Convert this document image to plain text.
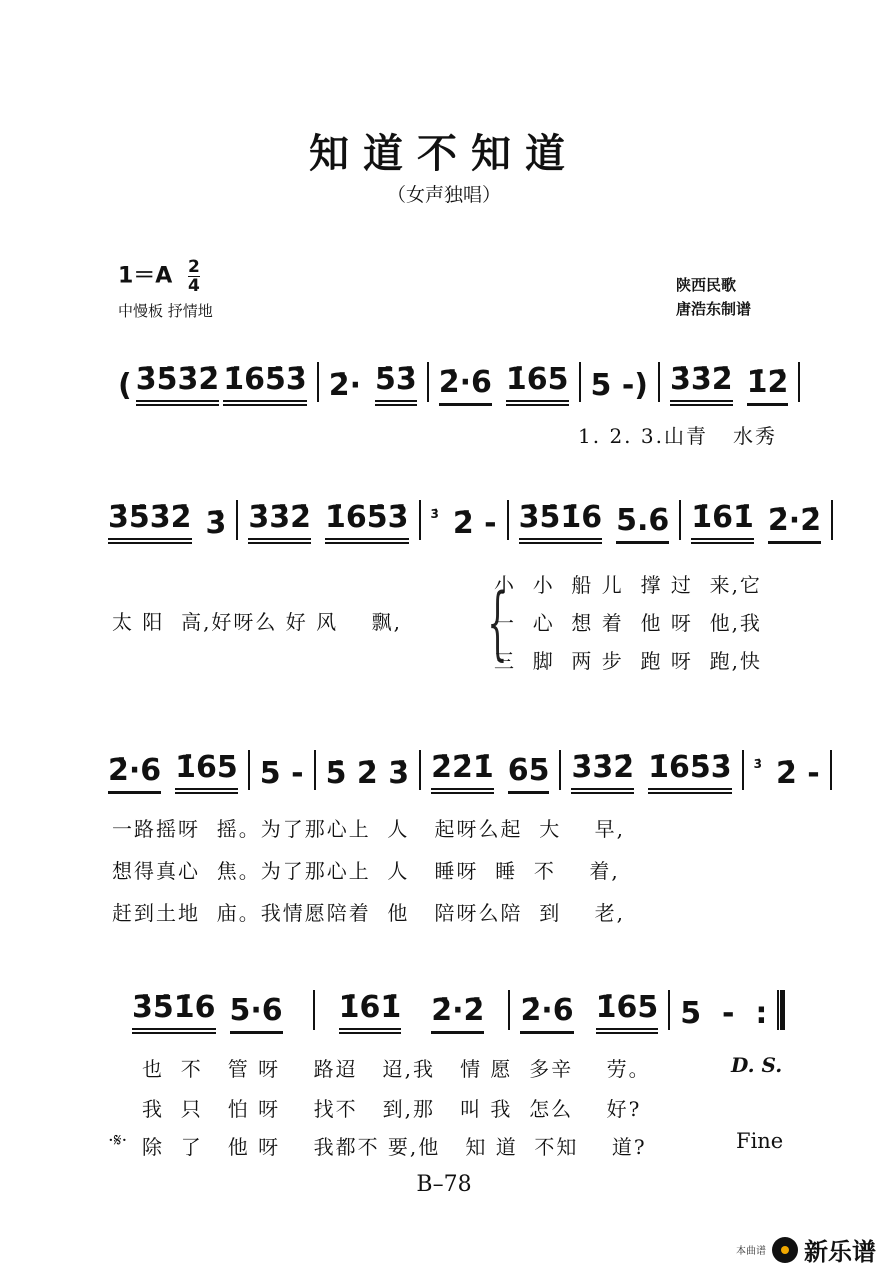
知道不知道
（女声独唱）
$1=A \frac{2}{4}$
中慢板 抒情地
陕西民歌
唐浩东制谱
( 3̇5̇3̇2̇ 1̇65̇3̇ 2̇· 5̇3̇ 2̇·6 1̇65 5 -) 3̇3̇2̇ 1̇2̇
1. 2. 3.山青   水秀
3̇5̇3̇2̇ 3̇ 3̇3̇2̇ 1̇65̇3̇ 3̇ 2̇ - 3̇5̇1̇6 5.6 1̇61̇ 2̇·2̇
太 阳  高,好呀么 好 风    飘, {
小  小  船 儿  撑 过  来,它
一  心  想 着  他 呀  他,我
三  脚  两 步  跑 呀  跑,快
2̇·6 1̇65 5 - 5̇ 2̇ 3̇ 2̇2̇1̇ 65 3̇3̇2̇ 1̇65̇3̇ 3̇ 2̇ -
一路摇呀  摇。为了那心上  人   起呀么起  大    早,
想得真心  焦。为了那心上  人   睡呀  睡  不    着,
赶到土地  庙。我情愿陪着  他   陪呀么陪  到    老,
3̇5̇1̇6 5·6 1̇61̇ 2̇·2̇ 2̇·6 1̇65 5  -  :
也  不   管 呀    路迢   迢,我   情 愿  多辛    劳。	D. S.
我  只   怕 呀    找不   到,那   叫 我  怎么    好?
·𝄋· 除  了   他 呀    我都不 要,他   知 道  不知    道?	Fine
B–78
本曲谱 新乐谱
